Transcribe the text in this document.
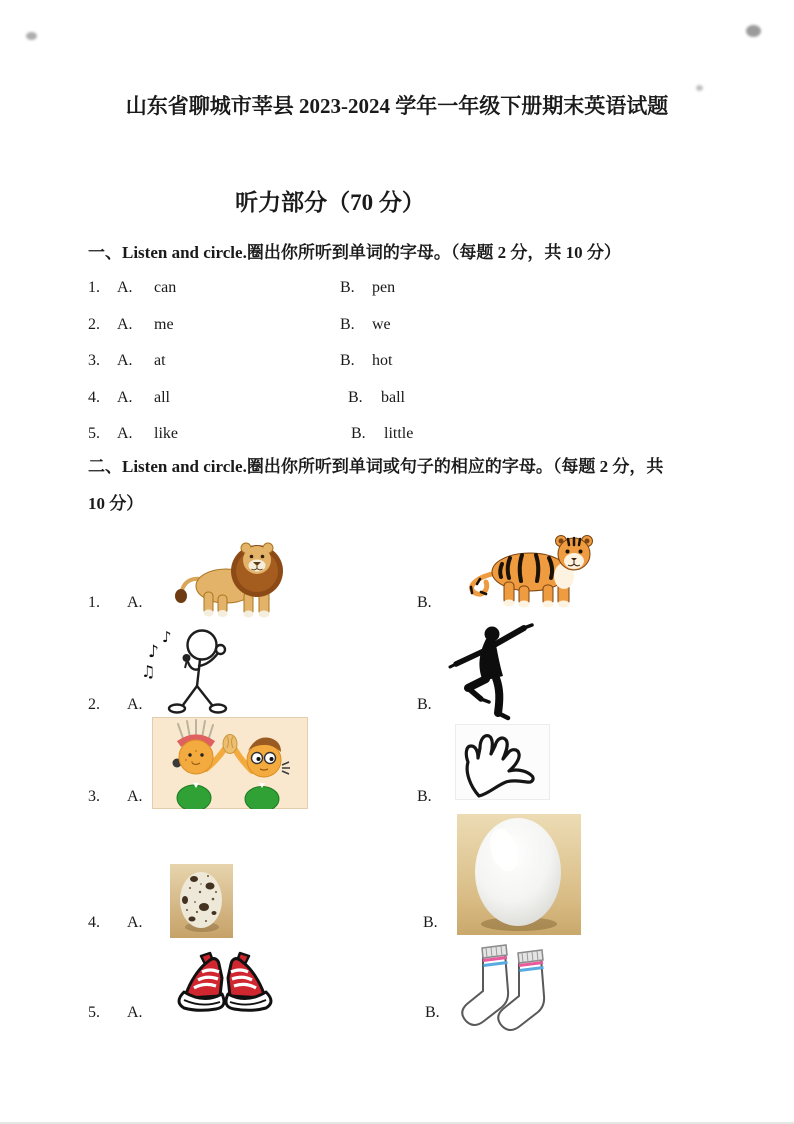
山东省聊城市莘县 2023-2024 学年一年级下册期末英语试题
听力部分（70 分）
一、Listen and circle.圈出你所听到单词的字母。（每题 2 分，共 10 分）
1. A. can	B. pen
2. A. me	B. we
3. A. at	B. hot
4. A. all	B. ball
5. A. like	B. little
二、Listen and circle.圈出你所听到单词或句子的相应的字母。（每题 2 分，共
10 分）
1. A.	B.
2. A.	B.
♪
♪
♫
3. A.	B.
4. A.	B.
5. A.	B.
